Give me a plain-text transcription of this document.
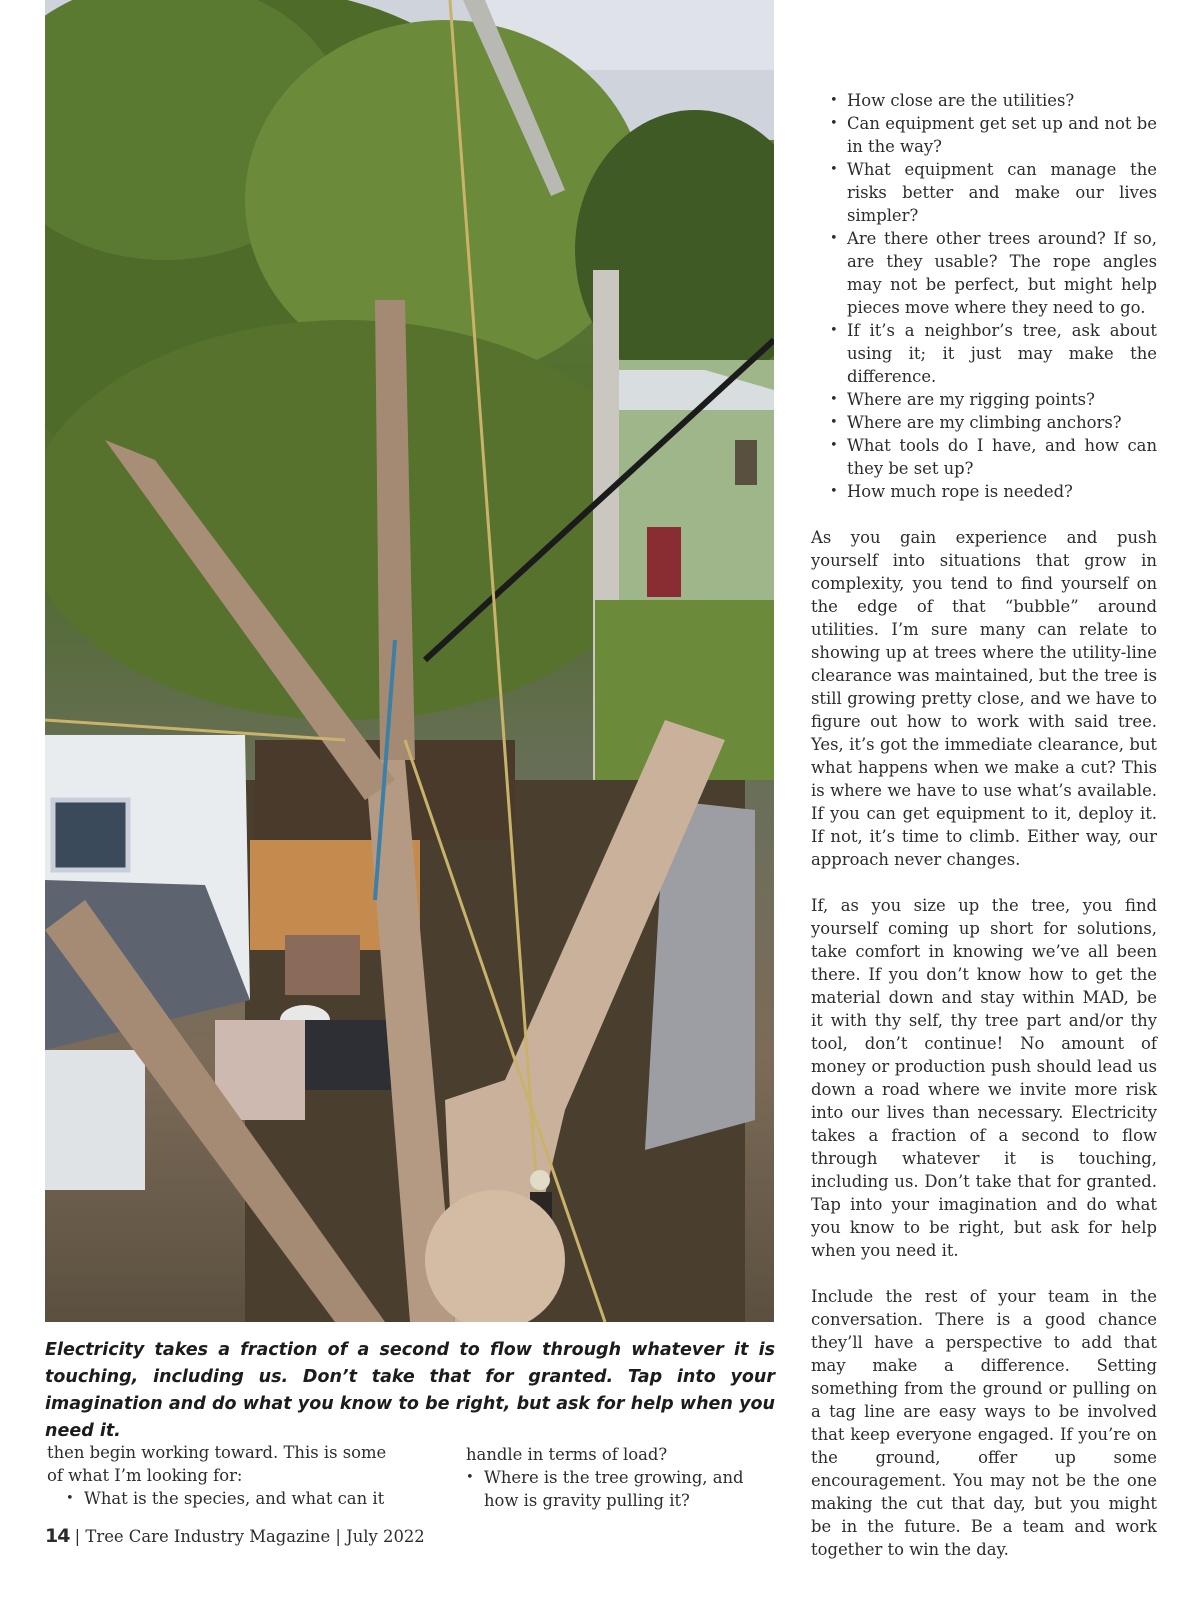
Electricity takes a fraction of a second to flow through whatever it is touching, including us. Don’t take that for granted. Tap into your imagination and do what you know to be right, but ask for help when you need it.

then begin working toward. This is some of what I’m looking for:

• What is the species, and what can it
handle in terms of load?
• Where is the tree growing, and how is gravity pulling it?
• How close are the utilities?
• Can equipment get set up and not be in the way?
• What equipment can manage the risks better and make our lives simpler?
• Are there other trees around? If so, are they usable? The rope angles may not be perfect, but might help pieces move where they need to go.
• If it’s a neighbor’s tree, ask about using it; it just may make the difference.
• Where are my rigging points?
• Where are my climbing anchors?
• What tools do I have, and how can they be set up?
• How much rope is needed?

As you gain experience and push yourself into situations that grow in complexity, you tend to find yourself on the edge of that “bubble” around utilities. I’m sure many can relate to showing up at trees where the utility-line clearance was maintained, but the tree is still growing pretty close, and we have to figure out how to work with said tree. Yes, it’s got the immediate clearance, but what happens when we make a cut? This is where we have to use what’s available. If you can get equipment to it, deploy it. If not, it’s time to climb. Either way, our approach never changes.

If, as you size up the tree, you find yourself coming up short for solutions, take comfort in knowing we’ve all been there. If you don’t know how to get the material down and stay within MAD, be it with thy self, thy tree part and/or thy tool, don’t continue! No amount of money or production push should lead us down a road where we invite more risk into our lives than necessary. Electricity takes a fraction of a second to flow through whatever it is touching, including us. Don’t take that for granted. Tap into your imagination and do what you know to be right, but ask for help when you need it.

Include the rest of your team in the conversation. There is a good chance they’ll have a perspective to add that may make a difference. Setting something from the ground or pulling on a tag line are easy ways to be involved that keep everyone engaged. If you’re on the ground, offer up some encouragement. You may not be the one making the cut that day, but you might be in the future. Be a team and work together to win the day.

14 | Tree Care Industry Magazine | July 2022
